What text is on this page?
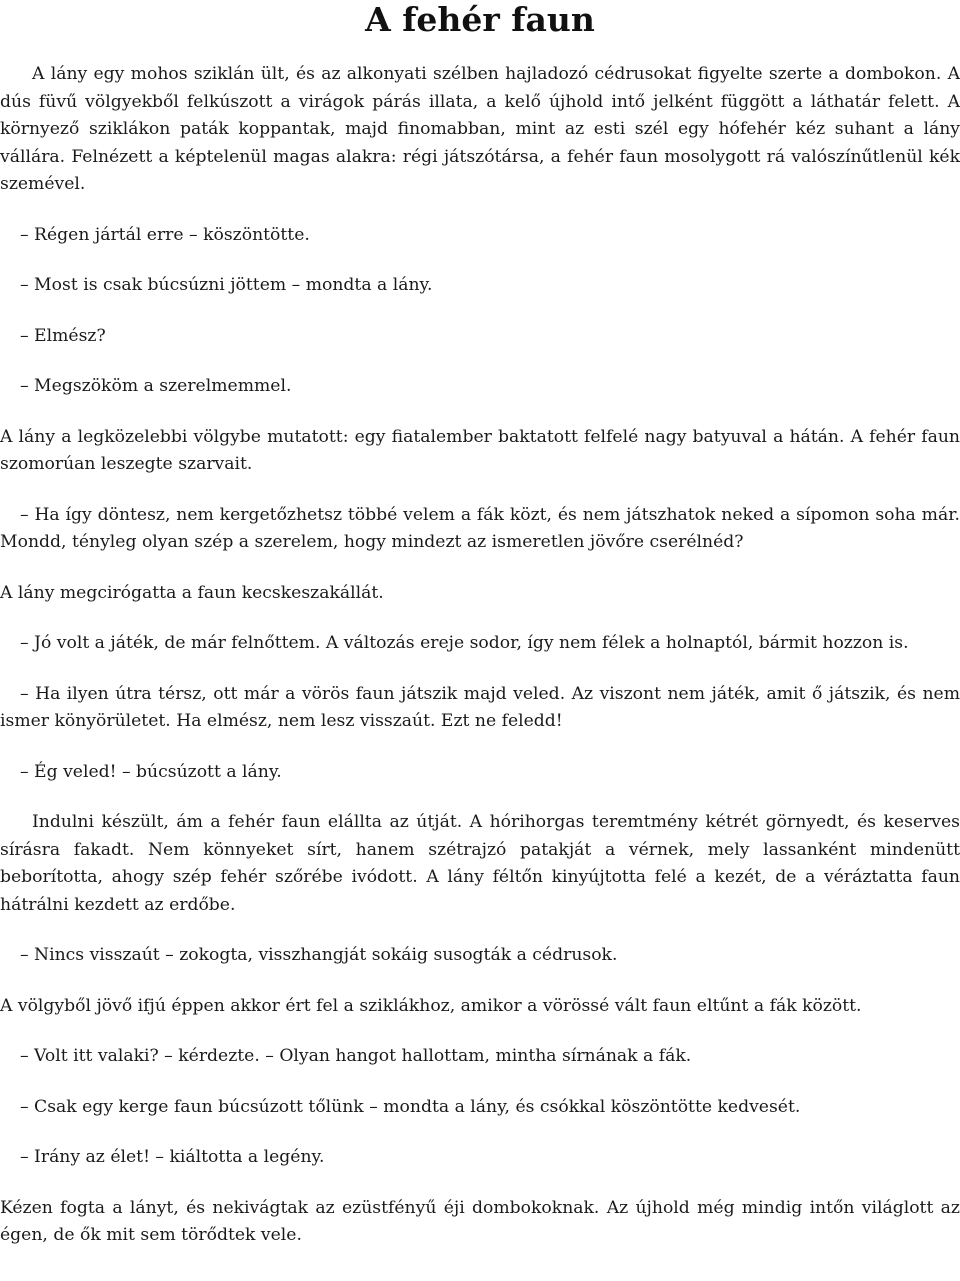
A fehér faun

A lány egy mohos sziklán ült, és az alkonyati szélben hajladozó cédrusokat figyelte szerte a dombokon. A dús füvű völgyekből felkúszott a virágok párás illata, a kelő újhold intő jelként függött a láthatár felett. A környező sziklákon paták koppantak, majd finomabban, mint az esti szél egy hófehér kéz suhant a lány vállára. Felnézett a képtelenül magas alakra: régi játszótársa, a fehér faun mosolygott rá valószínűtlenül kék szemével.

– Régen jártál erre – köszöntötte.

– Most is csak búcsúzni jöttem – mondta a lány.

– Elmész?

– Megszököm a szerelmemmel.

A lány a legközelebbi völgybe mutatott: egy fiatalember baktatott felfelé nagy batyuval a hátán. A fehér faun szomorúan leszegte szarvait.

– Ha így döntesz, nem kergetőzhetsz többé velem a fák közt, és nem játszhatok neked a sípomon soha már. Mondd, tényleg olyan szép a szerelem, hogy mindezt az ismeretlen jövőre cserélnéd?

A lány megcirógatta a faun kecskeszakállát.

– Jó volt a játék, de már felnőttem. A változás ereje sodor, így nem félek a holnaptól, bármit hozzon is.

– Ha ilyen útra térsz, ott már a vörös faun játszik majd veled. Az viszont nem játék, amit ő játszik, és nem ismer könyörületet. Ha elmész, nem lesz visszaút. Ezt ne feledd!

– Ég veled! – búcsúzott a lány.

Indulni készült, ám a fehér faun elállta az útját. A hórihorgas teremtmény kétrét görnyedt, és keserves sírásra fakadt. Nem könnyeket sírt, hanem szétrajzó patakját a vérnek, mely lassanként mindenütt beborította, ahogy szép fehér szőrébe ivódott. A lány féltőn kinyújtotta felé a kezét, de a véráztatta faun hátrálni kezdett az erdőbe.

– Nincs visszaút – zokogta, visszhangját sokáig susogták a cédrusok.

A völgyből jövő ifjú éppen akkor ért fel a sziklákhoz, amikor a vörössé vált faun eltűnt a fák között.

– Volt itt valaki? – kérdezte. – Olyan hangot hallottam, mintha sírnának a fák.

– Csak egy kerge faun búcsúzott tőlünk – mondta a lány, és csókkal köszöntötte kedvesét.

– Irány az élet! – kiáltotta a legény.

Kézen fogta a lányt, és nekivágtak az ezüstfényű éji dombokoknak. Az újhold még mindig intőn világlott az égen, de ők mit sem törődtek vele.
